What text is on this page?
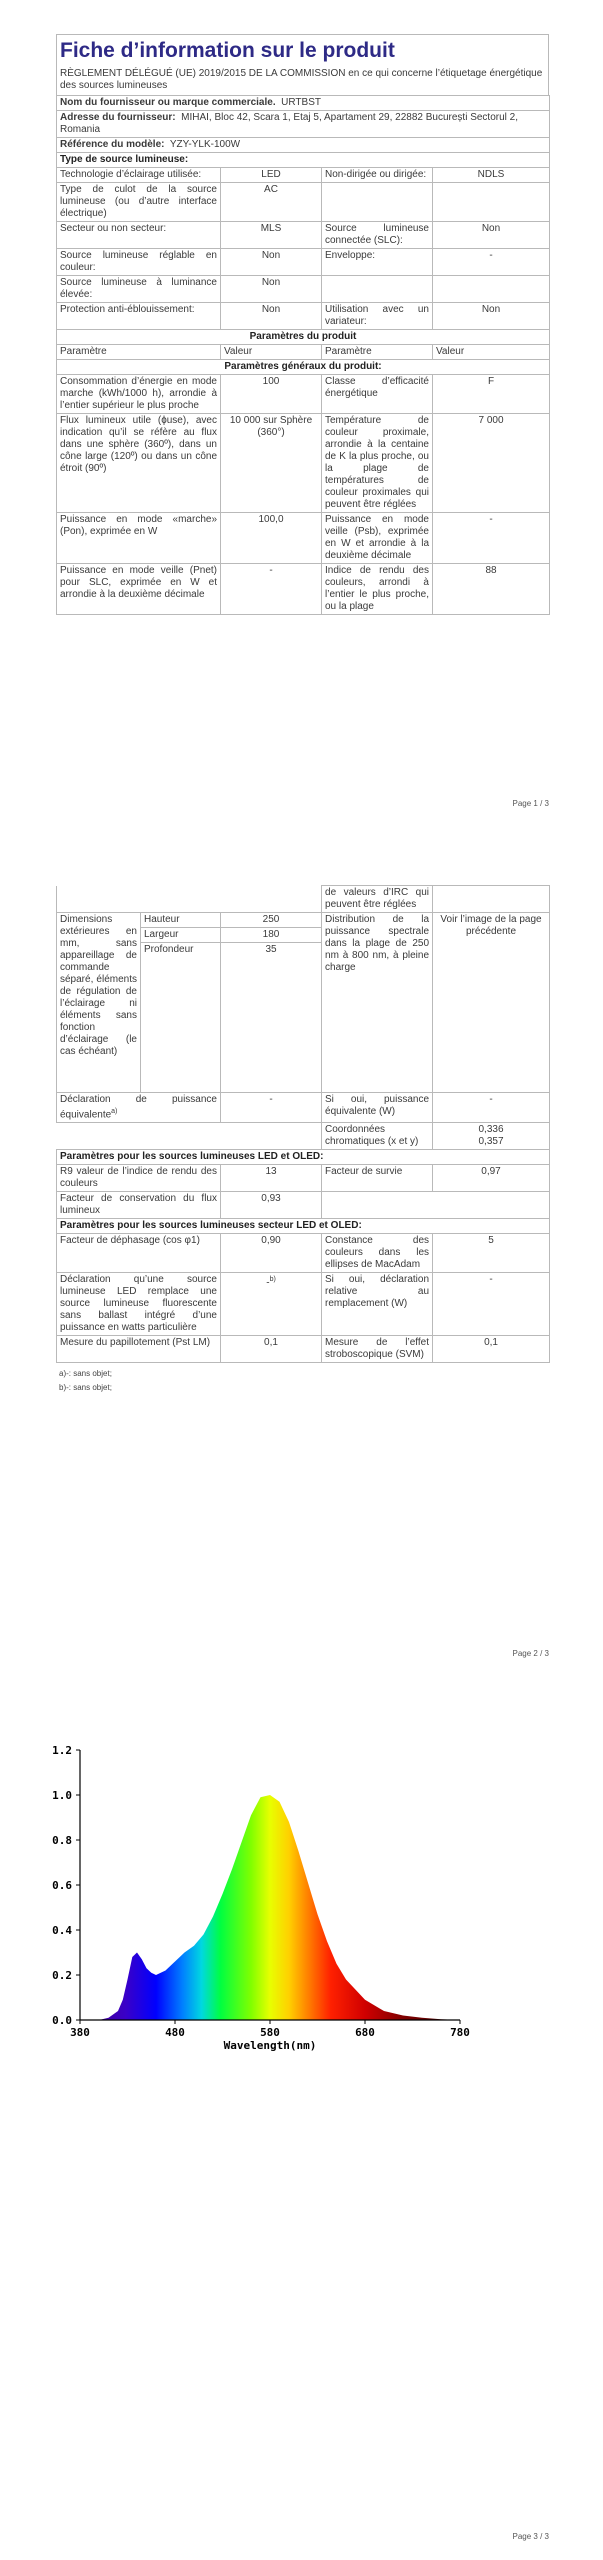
Fiche d’information sur le produit
RÈGLEMENT DÉLÉGUÉ (UE) 2019/2015 DE LA COMMISSION en ce qui concerne l’étiquetage énergétique des sources lumineuses
Nom du fournisseur ou marque commerciale. URTBST			
Adresse du fournisseur: MIHAI, Bloc 42, Scara 1, Etaj 5, Apartament 29, 22882 București Sectorul 2, Romania			
Référence du modèle: YZY-YLK-100W			
Type de source lumineuse:			
Technologie d’éclairage utilisée:	LED	Non-dirigée ou dirigée:	NDLS
Type de culot de la source lumineuse (ou d’autre interface électrique)	AC		
Secteur ou non secteur:	MLS	Source lumineuse connectée (SLC):	Non
Source lumineuse réglable en couleur:	Non	Enveloppe:	-
Source lumineuse à luminance élevée:	Non		
Protection anti-éblouissement:	Non	Utilisation avec un variateur:	Non
Paramètres du produit			
Paramètre	Valeur	Paramètre	Valeur
Paramètres généraux du produit:			
Consommation d’énergie en mode marche (kWh/1000 h), arrondie à l’entier supérieur le plus proche	100	Classe d’efficacité énergétique	F
Flux lumineux utile (ɸuse), avec indication qu’il se réfère au flux dans une sphère (360º), dans un cône large (120º) ou dans un cône étroit (90º)	10 000 sur Sphère (360°)	Température de couleur proximale, arrondie à la centaine de K la plus proche, ou la plage de températures de couleur proximales qui peuvent être réglées	7 000
Puissance en mode «marche» (Pon), exprimée en W	100,0	Puissance en mode veille (Psb), exprimée en W et arrondie à la deuxième décimale	-
Puissance en mode veille (Pnet) pour SLC, exprimée en W et arrondie à la deuxième décimale	-	Indice de rendu des couleurs, arrondi à l’entier le plus proche, ou la plage	88
Page 1 / 3
			de valeurs d’IRC qui peuvent être réglées	
Dimensions extérieures en mm, sans appareillage de commande séparé, éléments de régulation de l’éclairage ni éléments sans fonction d’éclairage (le cas échéant)	Hauteur	250	Distribution de la puissance spectrale dans la plage de 250 nm à 800 nm, à pleine charge	Voir l’image de la page précédente
	Largeur	180		
	Profondeur	35		
Déclaration de puissance équivalente$^{a)}$		-	Si oui, puissance équivalente (W)	-
			Coordonnées chromatiques (x et y)	0,336
0,357

Paramètres pour les sources lumineuses LED et OLED:				
R9 valeur de l’indice de rendu des couleurs		13	Facteur de survie	0,97
Facteur de conservation du flux lumineux		0,93		
Paramètres pour les sources lumineuses secteur LED et OLED:				
Facteur de déphasage (cos φ1)		0,90	Constance des couleurs dans les ellipses de MacAdam	5
Déclaration qu’une source lumineuse LED remplace une source lumineuse fluorescente sans ballast intégré d’une puissance en watts particulière		-$^{b)}$	Si oui, déclaration relative au remplacement (W)	-
Mesure du papillotement (Pst LM)		0,1	Mesure de l’effet stroboscopique (SVM)	0,1
a)-: sans objet;
b)-: sans objet;
Page 2 / 3
0.0
0.2
0.4
0.6
0.8
1.0
1.2
380	480	580	680	780
Wavelength(nm)
Page 3 / 3
